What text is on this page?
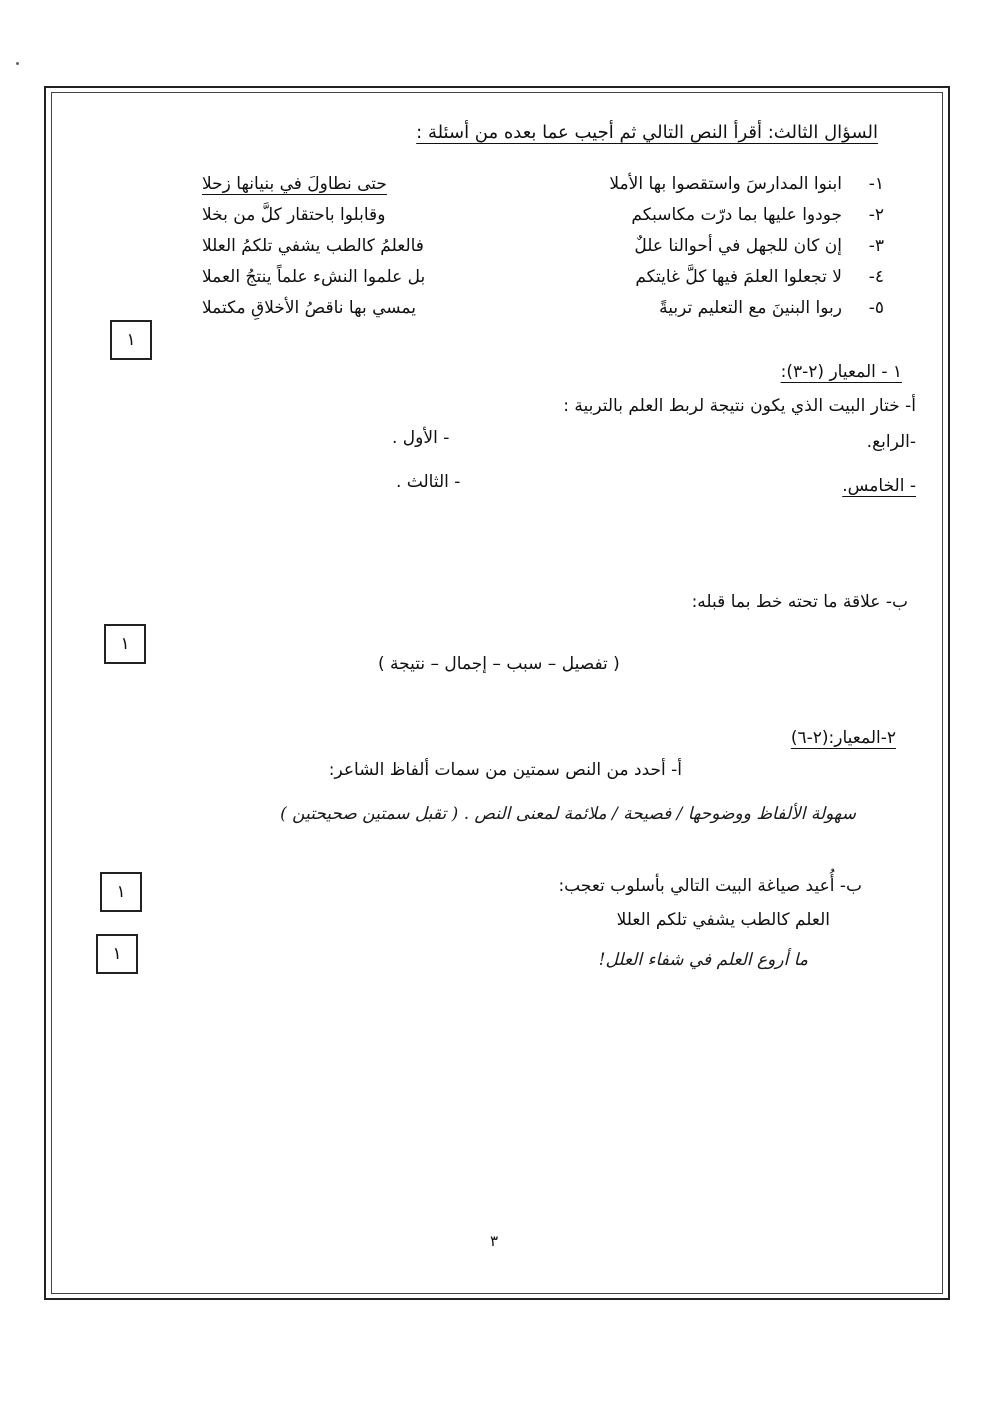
السؤال الثالث: أقرأ النص التالي ثم أجيب عما بعده من أسئلة :
١-
ابنوا المدارسَ واستقصوا بها الأملا
حتى نطاولَ في بنيانها زحلا
٢-
جودوا عليها بما درّت مكاسبكم
وقابلوا باحتقار كلَّ من بخلا
٣-
إن كان للجهل في أحوالنا عللٌ
فالعلمُ كالطب يشفي تلكمُ العللا
٤-
لا تجعلوا العلمَ فيها كلَّ غايتكم
بل علموا النشء علماً ينتجُ العملا
٥-
ربوا البنينَ مع التعليم تربيةً
يمسي بها ناقصُ الأخلاقِ مكتملا
١
١
١
١
١ - المعيار (٢-٣):
أ- ختار البيت الذي يكون نتيجة لربط العلم بالتربية :
-الرابع.
- الأول .
- الخامس.
- الثالث .
ب- علاقة ما تحته خط بما قبله:
( تفصيل – سبب – إجمال – نتيجة )
٢-المعيار:(٢-٦)
أ- أحدد من النص سمتين من سمات ألفاظ الشاعر:
سهولة الألفاظ ووضوحها / فصيحة / ملائمة لمعنى النص . ( تقبل سمتين صحيحتين )
ب- أُعيد صياغة البيت التالي بأسلوب تعجب:
العلم كالطب يشفي تلكم العللا
ما أروع العلم في شفاء العلل!
٣
